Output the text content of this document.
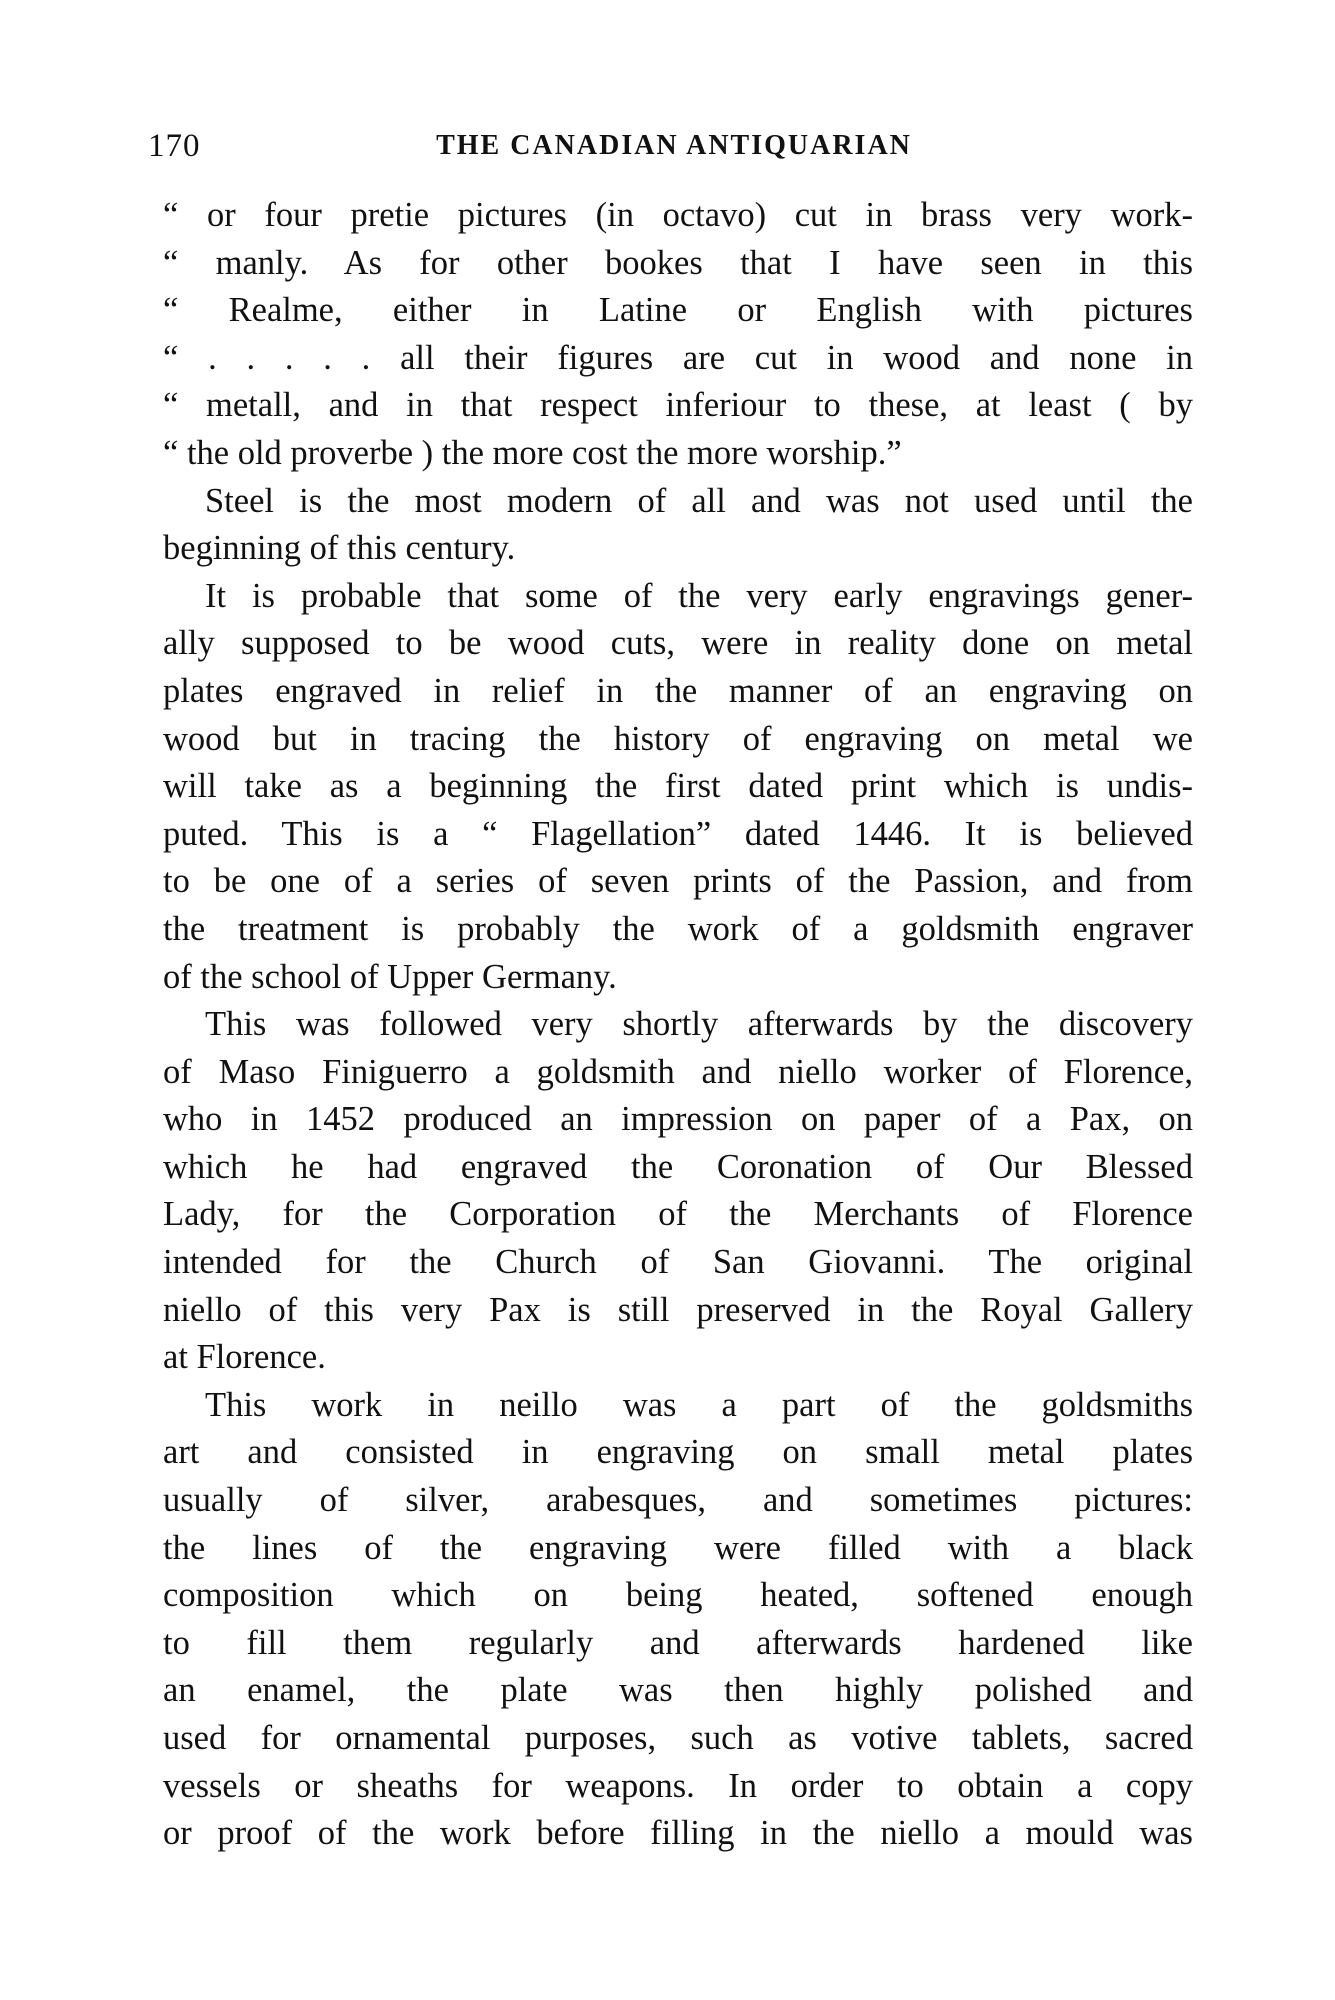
170	THE CANADIAN ANTIQUARIAN
“ or four pretie pictures (in octavo) cut in brass very work-
“ manly. As for other bookes that I have seen in this
“ Realme, either in Latine or English with pictures
“ . . . . . all their figures are cut in wood and none in
“ metall, and in that respect inferiour to these, at least ( by
“ the old proverbe ) the more cost the more worship.”
Steel is the most modern of all and was not used until the
beginning of this century.
It is probable that some of the very early engravings gener-
ally supposed to be wood cuts, were in reality done on metal
plates engraved in relief in the manner of an engraving on
wood but in tracing the history of engraving on metal we
will take as a beginning the first dated print which is undis-
puted. This is a “ Flagellation” dated 1446. It is believed
to be one of a series of seven prints of the Passion, and from
the treatment is probably the work of a goldsmith engraver
of the school of Upper Germany.
This was followed very shortly afterwards by the discovery
of Maso Finiguerro a goldsmith and niello worker of Florence,
who in 1452 produced an impression on paper of a Pax, on
which he had engraved the Coronation of Our Blessed
Lady, for the Corporation of the Merchants of Florence
intended for the Church of San Giovanni. The original
niello of this very Pax is still preserved in the Royal Gallery
at Florence.
This work in neillo was a part of the goldsmiths
art and consisted in engraving on small metal plates
usually of silver, arabesques, and sometimes pictures:
the lines of the engraving were filled with a black
composition which on being heated, softened enough
to fill them regularly and afterwards hardened like
an enamel, the plate was then highly polished and
used for ornamental purposes, such as votive tablets, sacred
vessels or sheaths for weapons. In order to obtain a copy
or proof of the work before filling in the niello a mould was
